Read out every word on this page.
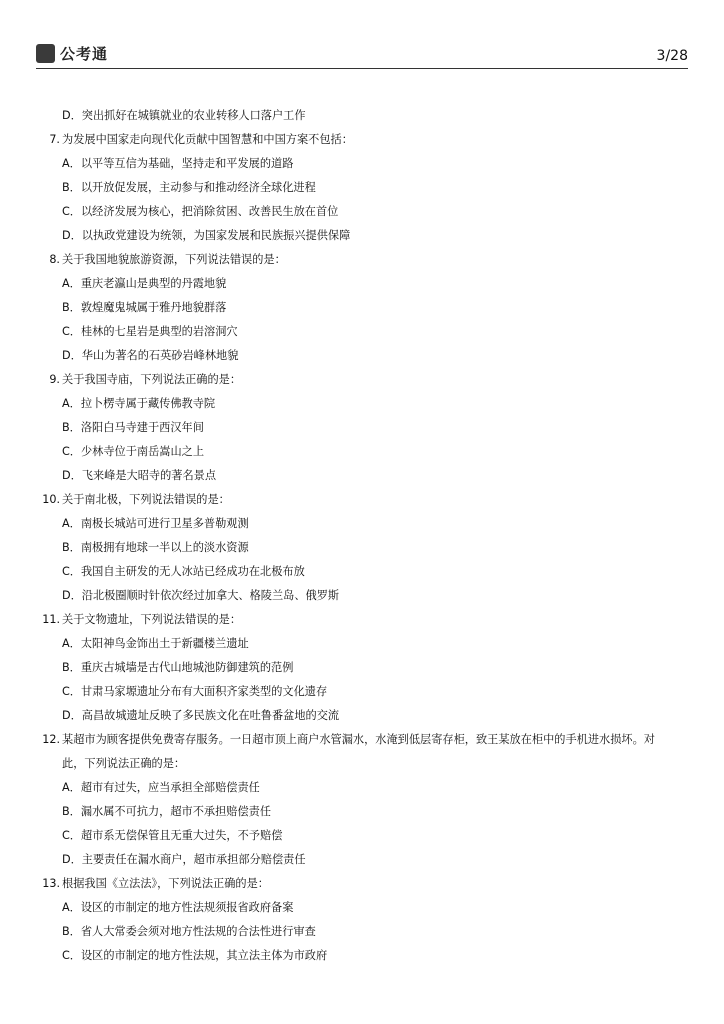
公考通	3/28
D．突出抓好在城镇就业的农业转移人口落户工作
7. 为发展中国家走向现代化贡献中国智慧和中国方案不包括：
A．以平等互信为基础，坚持走和平发展的道路
B．以开放促发展，主动参与和推动经济全球化进程
C．以经济发展为核心，把消除贫困、改善民生放在首位
D．以执政党建设为统领，为国家发展和民族振兴提供保障
8. 关于我国地貌旅游资源，下列说法错误的是：
A．重庆老瀛山是典型的丹霞地貌
B．敦煌魔鬼城属于雅丹地貌群落
C．桂林的七星岩是典型的岩溶洞穴
D．华山为著名的石英砂岩峰林地貌
9. 关于我国寺庙，下列说法正确的是：
A．拉卜楞寺属于藏传佛教寺院
B．洛阳白马寺建于西汉年间
C．少林寺位于南岳嵩山之上
D．飞来峰是大昭寺的著名景点
10. 关于南北极，下列说法错误的是：
A．南极长城站可进行卫星多普勒观测
B．南极拥有地球一半以上的淡水资源
C．我国自主研发的无人冰站已经成功在北极布放
D．沿北极圈顺时针依次经过加拿大、格陵兰岛、俄罗斯
11. 关于文物遗址，下列说法错误的是：
A．太阳神鸟金饰出土于新疆楼兰遗址
B．重庆古城墙是古代山地城池防御建筑的范例
C．甘肃马家塬遗址分布有大面积齐家类型的文化遗存
D．高昌故城遗址反映了多民族文化在吐鲁番盆地的交流
12. 某超市为顾客提供免费寄存服务。一日超市顶上商户水管漏水，水淹到低层寄存柜，致王某放在柜中的手机进水损坏。对
此，下列说法正确的是：
A．超市有过失，应当承担全部赔偿责任
B．漏水属不可抗力，超市不承担赔偿责任
C．超市系无偿保管且无重大过失，不予赔偿
D．主要责任在漏水商户，超市承担部分赔偿责任
13. 根据我国《立法法》，下列说法正确的是：
A．设区的市制定的地方性法规须报省政府备案
B．省人大常委会须对地方性法规的合法性进行审查
C．设区的市制定的地方性法规，其立法主体为市政府
